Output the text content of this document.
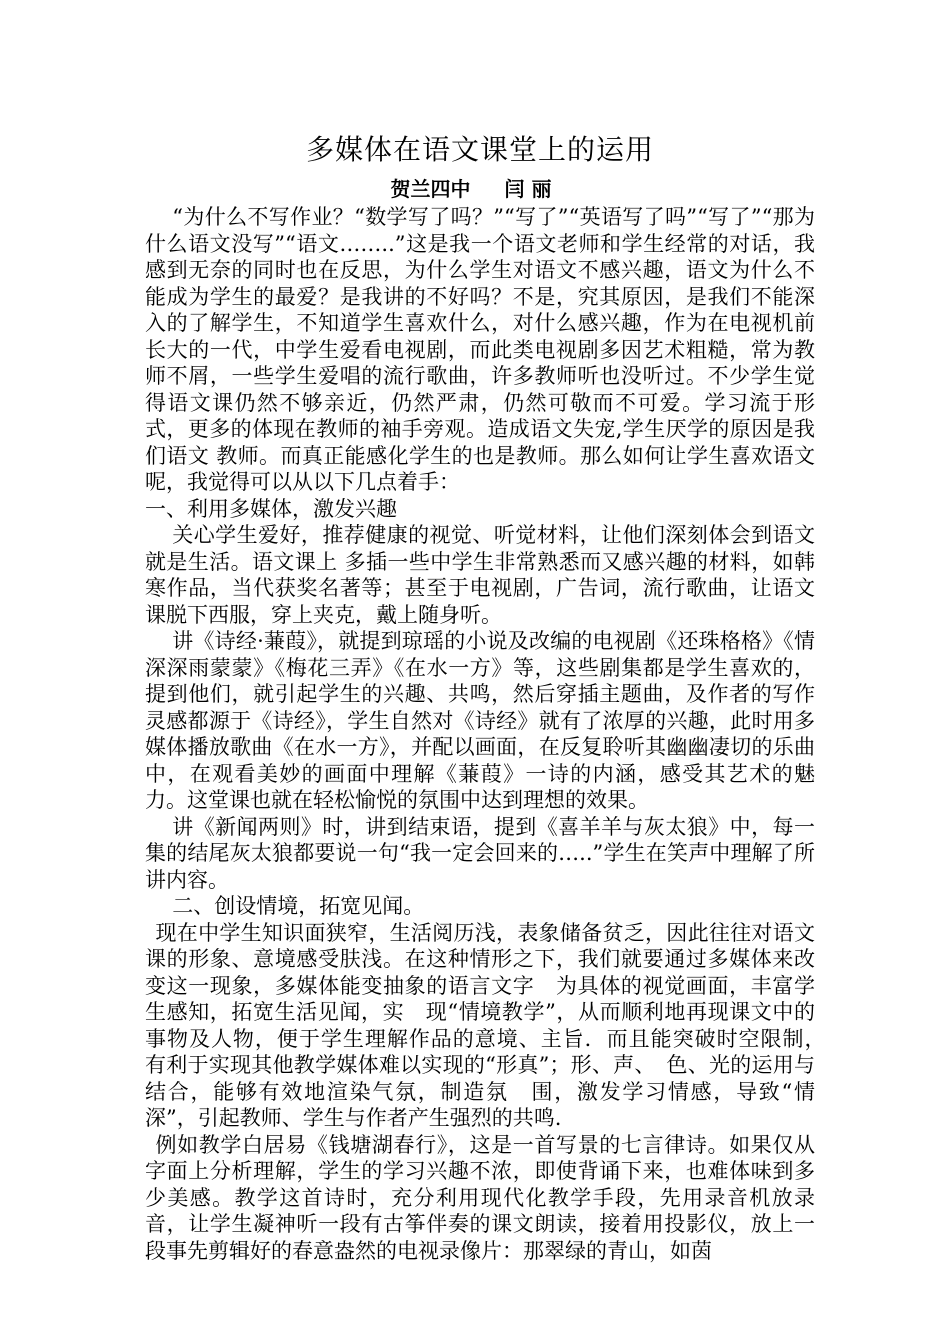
多媒体在语文课堂上的运用
贺兰四中 闫 丽

“为什么不写作业？“数学写了吗？”“写了”“英语写了吗”“写了”“那为什么语文没写”“语文……..”这是我一个语文老师和学生经常的对话，我感到无奈的同时也在反思，为什么学生对语文不感兴趣，语文为什么不能成为学生的最爱？是我讲的不好吗？不是，究其原因，是我们不能深入的了解学生，不知道学生喜欢什么，对什么感兴趣，作为在电视机前长大的一代，中学生爱看电视剧，而此类电视剧多因艺术粗糙，常为教师不屑，一些学生爱唱的流行歌曲，许多教师听也没听过。不少学生觉得语文课仍然不够亲近，仍然严肃，仍然可敬而不可爱。学习流于形式，更多的体现在教师的袖手旁观。造成语文失宠,学生厌学的原因是我们语文 教师。而真正能感化学生的也是教师。那么如何让学生喜欢语文呢，我觉得可以从以下几点着手：

一、利用多媒体，激发兴趣

关心学生爱好，推荐健康的视觉、听觉材料，让他们深刻体会到语文就是生活。语文课上 多插一些中学生非常熟悉而又感兴趣的材料，如韩寒作品，当代获奖名著等；甚至于电视剧，广告词，流行歌曲，让语文课脱下西服，穿上夹克，戴上随身听。

讲《诗经·蒹葭》，就提到琼瑶的小说及改编的电视剧《还珠格格》《情深深雨蒙蒙》《梅花三弄》《在水一方》等，这些剧集都是学生喜欢的，提到他们，就引起学生的兴趣、共鸣，然后穿插主题曲，及作者的写作灵感都源于《诗经》，学生自然对《诗经》就有了浓厚的兴趣，此时用多媒体播放歌曲《在水一方》，并配以画面，在反复聆听其幽幽凄切的乐曲中，在观看美妙的画面中理解《蒹葭》一诗的内涵，感受其艺术的魅力。这堂课也就在轻松愉悦的氛围中达到理想的效果。

讲《新闻两则》时，讲到结束语，提到《喜羊羊与灰太狼》中，每一集的结尾灰太狼都要说一句“我一定会回来的…..”学生在笑声中理解了所讲内容。

二、创设情境，拓宽见闻。

现在中学生知识面狭窄，生活阅历浅，表象储备贫乏，因此往往对语文课的形象、意境感受肤浅。在这种情形之下，我们就要通过多媒体来改变这一现象，多媒体能变抽象的语言文字　为具体的视觉画面，丰富学生感知，拓宽生活见闻，实　现“情境教学”，从而顺利地再现课文中的事物及人物，便于学生理解作品的意境、主旨．而且能突破时空限制，　 有利于实现其他教学媒体难以实现的“形真”；形、声、　色、光的运用与结合，能够有效地渲染气氛，制造氛　围，激发学习情感，导致“情深”，引起教师、学生与作者产生强烈的共鸣.

例如教学白居易《钱塘湖春行》，这是一首写景的七言律诗。如果仅从字面上分析理解，学生的学习兴趣不浓，即使背诵下来，也难体味到多少美感。教学这首诗时，充分利用现代化教学手段，先用录音机放录音，让学生凝神听一段有古筝伴奏的课文朗读，接着用投影仪，放上一段事先剪辑好的春意盎然的电视录像片：那翠绿的青山，如茵
